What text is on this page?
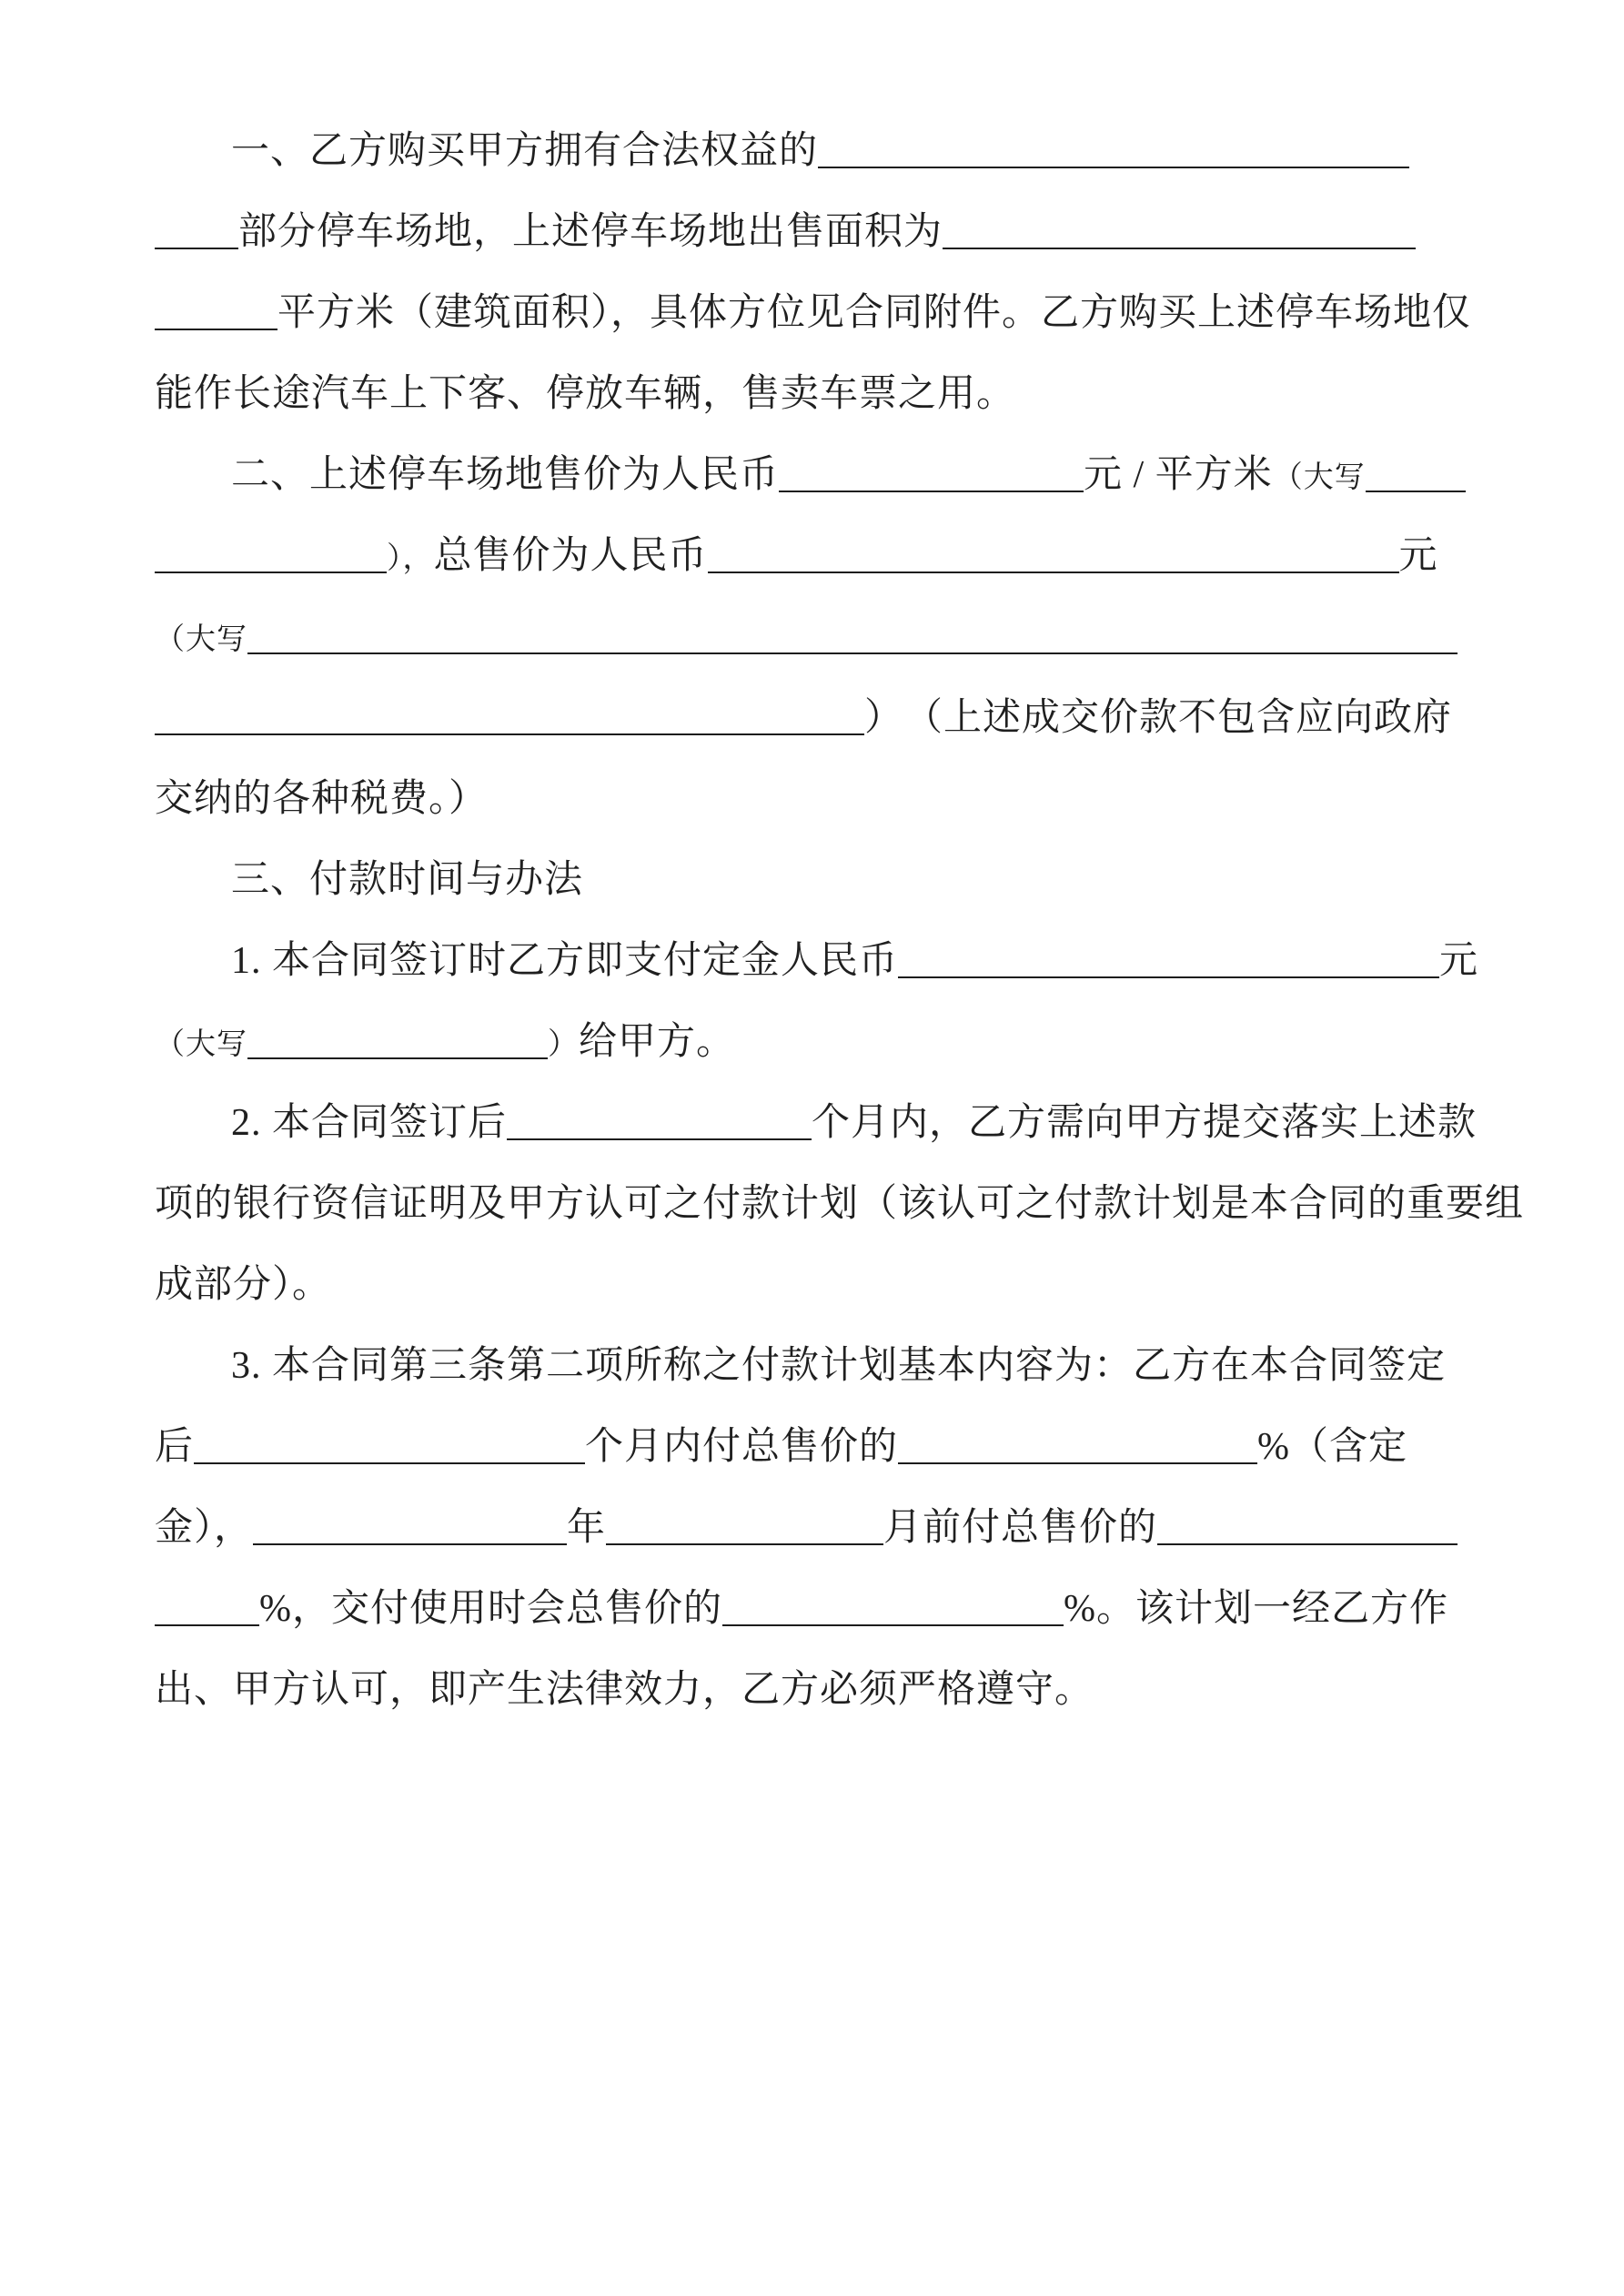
一、乙方购买甲方拥有合法权益的
部分停车场地，上述停车场地出售面积为
平方米（建筑面积），具体方位见合同附件。乙方购买上述停车场地仅
能作长途汽车上下客、停放车辆，售卖车票之用。
二、上述停车场地售价为人民币	元 / 平方米（大写
），总售价为人民币	元
（大写
）　（上述成交价款不包含应向政府
交纳的各种税费。）
三、付款时间与办法
1. 本合同签订时乙方即支付定金人民币	元
（大写	）给甲方。
2. 本合同签订后	个月内，乙方需向甲方提交落实上述款
项的银行资信证明及甲方认可之付款计划（该认可之付款计划是本合同的重要组
成部分）。
3. 本合同第三条第二项所称之付款计划基本内容为：乙方在本合同签定
后	个月内付总售价的	%（含定
金），	年	月前付总售价的
%，交付使用时会总售价的	%。该计划一经乙方作
出、甲方认可，即产生法律效力，乙方必须严格遵守。
